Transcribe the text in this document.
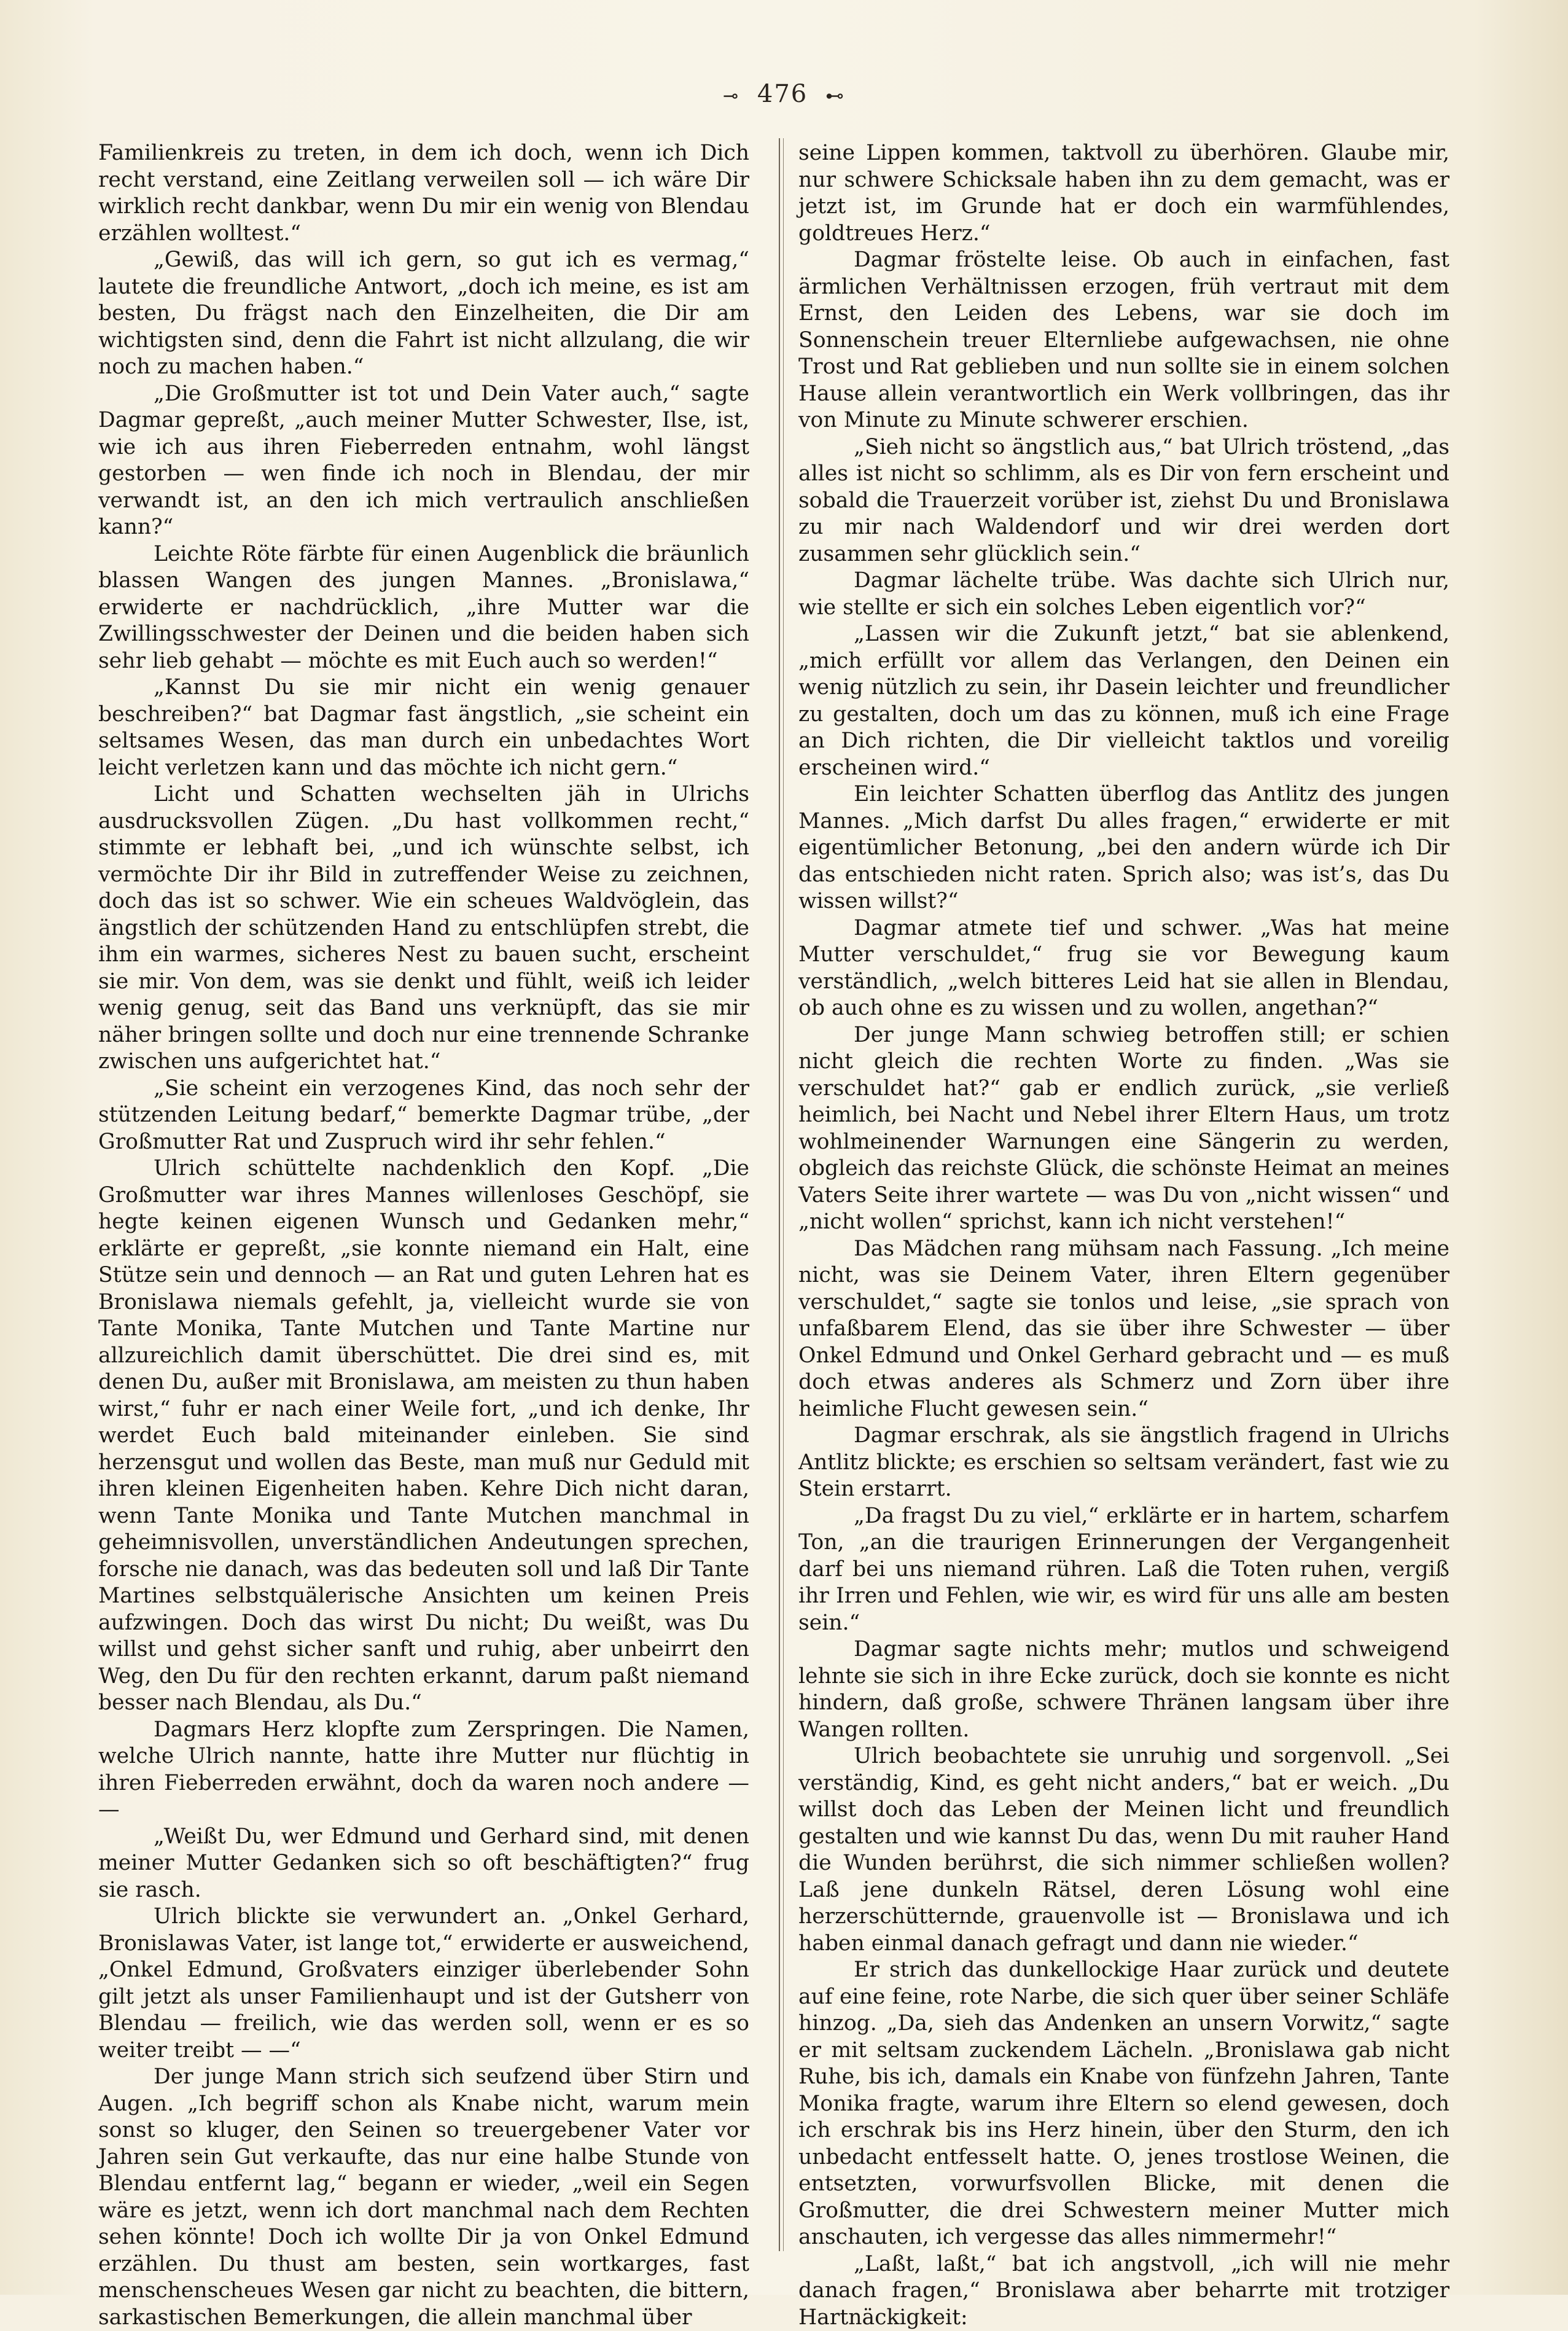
⊸ 476 ⊷

Familienkreis zu treten, in dem ich doch, wenn ich Dich recht verstand, eine Zeitlang verweilen soll — ich wäre Dir wirklich recht dankbar, wenn Du mir ein wenig von Blendau erzählen wolltest.“

„Gewiß, das will ich gern, so gut ich es vermag,“ lautete die freundliche Antwort, „doch ich meine, es ist am besten, Du frägst nach den Einzelheiten, die Dir am wichtigsten sind, denn die Fahrt ist nicht allzulang, die wir noch zu machen haben.“

„Die Großmutter ist tot und Dein Vater auch,“ sagte Dagmar gepreßt, „auch meiner Mutter Schwester, Ilse, ist, wie ich aus ihren Fieberreden entnahm, wohl längst gestorben — wen finde ich noch in Blendau, der mir verwandt ist, an den ich mich vertraulich anschließen kann?“

Leichte Röte färbte für einen Augenblick die bräunlich blassen Wangen des jungen Mannes. „Bronislawa,“ erwiderte er nachdrücklich, „ihre Mutter war die Zwillingsschwester der Deinen und die beiden haben sich sehr lieb gehabt — möchte es mit Euch auch so werden!“

„Kannst Du sie mir nicht ein wenig genauer beschreiben?“ bat Dagmar fast ängstlich, „sie scheint ein seltsames Wesen, das man durch ein unbedachtes Wort leicht verletzen kann und das möchte ich nicht gern.“

Licht und Schatten wechselten jäh in Ulrichs ausdrucksvollen Zügen. „Du hast vollkommen recht,“ stimmte er lebhaft bei, „und ich wünschte selbst, ich vermöchte Dir ihr Bild in zutreffender Weise zu zeichnen, doch das ist so schwer. Wie ein scheues Waldvöglein, das ängstlich der schützenden Hand zu entschlüpfen strebt, die ihm ein warmes, sicheres Nest zu bauen sucht, erscheint sie mir. Von dem, was sie denkt und fühlt, weiß ich leider wenig genug, seit das Band uns verknüpft, das sie mir näher bringen sollte und doch nur eine trennende Schranke zwischen uns aufgerichtet hat.“

„Sie scheint ein verzogenes Kind, das noch sehr der stützenden Leitung bedarf,“ bemerkte Dagmar trübe, „der Großmutter Rat und Zuspruch wird ihr sehr fehlen.“

Ulrich schüttelte nachdenklich den Kopf. „Die Großmutter war ihres Mannes willenloses Geschöpf, sie hegte keinen eigenen Wunsch und Gedanken mehr,“ erklärte er gepreßt, „sie konnte niemand ein Halt, eine Stütze sein und dennoch — an Rat und guten Lehren hat es Bronislawa niemals gefehlt, ja, vielleicht wurde sie von Tante Monika, Tante Mutchen und Tante Martine nur allzureichlich damit überschüttet. Die drei sind es, mit denen Du, außer mit Bronislawa, am meisten zu thun haben wirst,“ fuhr er nach einer Weile fort, „und ich denke, Ihr werdet Euch bald miteinander einleben. Sie sind herzensgut und wollen das Beste, man muß nur Geduld mit ihren kleinen Eigenheiten haben. Kehre Dich nicht daran, wenn Tante Monika und Tante Mutchen manchmal in geheimnisvollen, unverständlichen Andeutungen sprechen, forsche nie danach, was das bedeuten soll und laß Dir Tante Martines selbstquälerische Ansichten um keinen Preis aufzwingen. Doch das wirst Du nicht; Du weißt, was Du willst und gehst sicher sanft und ruhig, aber unbeirrt den Weg, den Du für den rechten erkannt, darum paßt niemand besser nach Blendau, als Du.“

Dagmars Herz klopfte zum Zerspringen. Die Namen, welche Ulrich nannte, hatte ihre Mutter nur flüchtig in ihren Fieberreden erwähnt, doch da waren noch andere — —

„Weißt Du, wer Edmund und Gerhard sind, mit denen meiner Mutter Gedanken sich so oft beschäftigten?“ frug sie rasch.

Ulrich blickte sie verwundert an. „Onkel Gerhard, Bronislawas Vater, ist lange tot,“ erwiderte er ausweichend, „Onkel Edmund, Großvaters einziger überlebender Sohn gilt jetzt als unser Familienhaupt und ist der Gutsherr von Blendau — freilich, wie das werden soll, wenn er es so weiter treibt — —“

Der junge Mann strich sich seufzend über Stirn und Augen. „Ich begriff schon als Knabe nicht, warum mein sonst so kluger, den Seinen so treuergebener Vater vor Jahren sein Gut verkaufte, das nur eine halbe Stunde von Blendau entfernt lag,“ begann er wieder, „weil ein Segen wäre es jetzt, wenn ich dort manchmal nach dem Rechten sehen könnte! Doch ich wollte Dir ja von Onkel Edmund erzählen. Du thust am besten, sein wortkarges, fast menschenscheues Wesen gar nicht zu beachten, die bittern, sarkastischen Bemerkungen, die allein manchmal über

seine Lippen kommen, taktvoll zu überhören. Glaube mir, nur schwere Schicksale haben ihn zu dem gemacht, was er jetzt ist, im Grunde hat er doch ein warmfühlendes, goldtreues Herz.“

Dagmar fröstelte leise. Ob auch in einfachen, fast ärmlichen Verhältnissen erzogen, früh vertraut mit dem Ernst, den Leiden des Lebens, war sie doch im Sonnenschein treuer Elternliebe aufgewachsen, nie ohne Trost und Rat geblieben und nun sollte sie in einem solchen Hause allein verantwortlich ein Werk vollbringen, das ihr von Minute zu Minute schwerer erschien.

„Sieh nicht so ängstlich aus,“ bat Ulrich tröstend, „das alles ist nicht so schlimm, als es Dir von fern erscheint und sobald die Trauerzeit vorüber ist, ziehst Du und Bronislawa zu mir nach Waldendorf und wir drei werden dort zusammen sehr glücklich sein.“

Dagmar lächelte trübe. Was dachte sich Ulrich nur, wie stellte er sich ein solches Leben eigentlich vor?“

„Lassen wir die Zukunft jetzt,“ bat sie ablenkend, „mich erfüllt vor allem das Verlangen, den Deinen ein wenig nützlich zu sein, ihr Dasein leichter und freundlicher zu gestalten, doch um das zu können, muß ich eine Frage an Dich richten, die Dir vielleicht taktlos und voreilig erscheinen wird.“

Ein leichter Schatten überflog das Antlitz des jungen Mannes. „Mich darfst Du alles fragen,“ erwiderte er mit eigentümlicher Betonung, „bei den andern würde ich Dir das entschieden nicht raten. Sprich also; was ist’s, das Du wissen willst?“

Dagmar atmete tief und schwer. „Was hat meine Mutter verschuldet,“ frug sie vor Bewegung kaum verständlich, „welch bitteres Leid hat sie allen in Blendau, ob auch ohne es zu wissen und zu wollen, angethan?“

Der junge Mann schwieg betroffen still; er schien nicht gleich die rechten Worte zu finden. „Was sie verschuldet hat?“ gab er endlich zurück, „sie verließ heimlich, bei Nacht und Nebel ihrer Eltern Haus, um trotz wohlmeinender Warnungen eine Sängerin zu werden, obgleich das reichste Glück, die schönste Heimat an meines Vaters Seite ihrer wartete — was Du von „nicht wissen“ und „nicht wollen“ sprichst, kann ich nicht verstehen!“

Das Mädchen rang mühsam nach Fassung. „Ich meine nicht, was sie Deinem Vater, ihren Eltern gegenüber verschuldet,“ sagte sie tonlos und leise, „sie sprach von unfaßbarem Elend, das sie über ihre Schwester — über Onkel Edmund und Onkel Gerhard gebracht und — es muß doch etwas anderes als Schmerz und Zorn über ihre heimliche Flucht gewesen sein.“

Dagmar erschrak, als sie ängstlich fragend in Ulrichs Antlitz blickte; es erschien so seltsam verändert, fast wie zu Stein erstarrt.

„Da fragst Du zu viel,“ erklärte er in hartem, scharfem Ton, „an die traurigen Erinnerungen der Vergangenheit darf bei uns niemand rühren. Laß die Toten ruhen, vergiß ihr Irren und Fehlen, wie wir, es wird für uns alle am besten sein.“

Dagmar sagte nichts mehr; mutlos und schweigend lehnte sie sich in ihre Ecke zurück, doch sie konnte es nicht hindern, daß große, schwere Thränen langsam über ihre Wangen rollten.

Ulrich beobachtete sie unruhig und sorgenvoll. „Sei verständig, Kind, es geht nicht anders,“ bat er weich. „Du willst doch das Leben der Meinen licht und freundlich gestalten und wie kannst Du das, wenn Du mit rauher Hand die Wunden berührst, die sich nimmer schließen wollen? Laß jene dunkeln Rätsel, deren Lösung wohl eine herzerschütternde, grauenvolle ist — Bronislawa und ich haben einmal danach gefragt und dann nie wieder.“

Er strich das dunkellockige Haar zurück und deutete auf eine feine, rote Narbe, die sich quer über seiner Schläfe hinzog. „Da, sieh das Andenken an unsern Vorwitz,“ sagte er mit seltsam zuckendem Lächeln. „Bronislawa gab nicht Ruhe, bis ich, damals ein Knabe von fünfzehn Jahren, Tante Monika fragte, warum ihre Eltern so elend gewesen, doch ich erschrak bis ins Herz hinein, über den Sturm, den ich unbedacht entfesselt hatte. O, jenes trostlose Weinen, die entsetzten, vorwurfsvollen Blicke, mit denen die Großmutter, die drei Schwestern meiner Mutter mich anschauten, ich vergesse das alles nimmermehr!“

„Laßt, laßt,“ bat ich angstvoll, „ich will nie mehr danach fragen,“ Bronislawa aber beharrte mit trotziger Hartnäckigkeit:
